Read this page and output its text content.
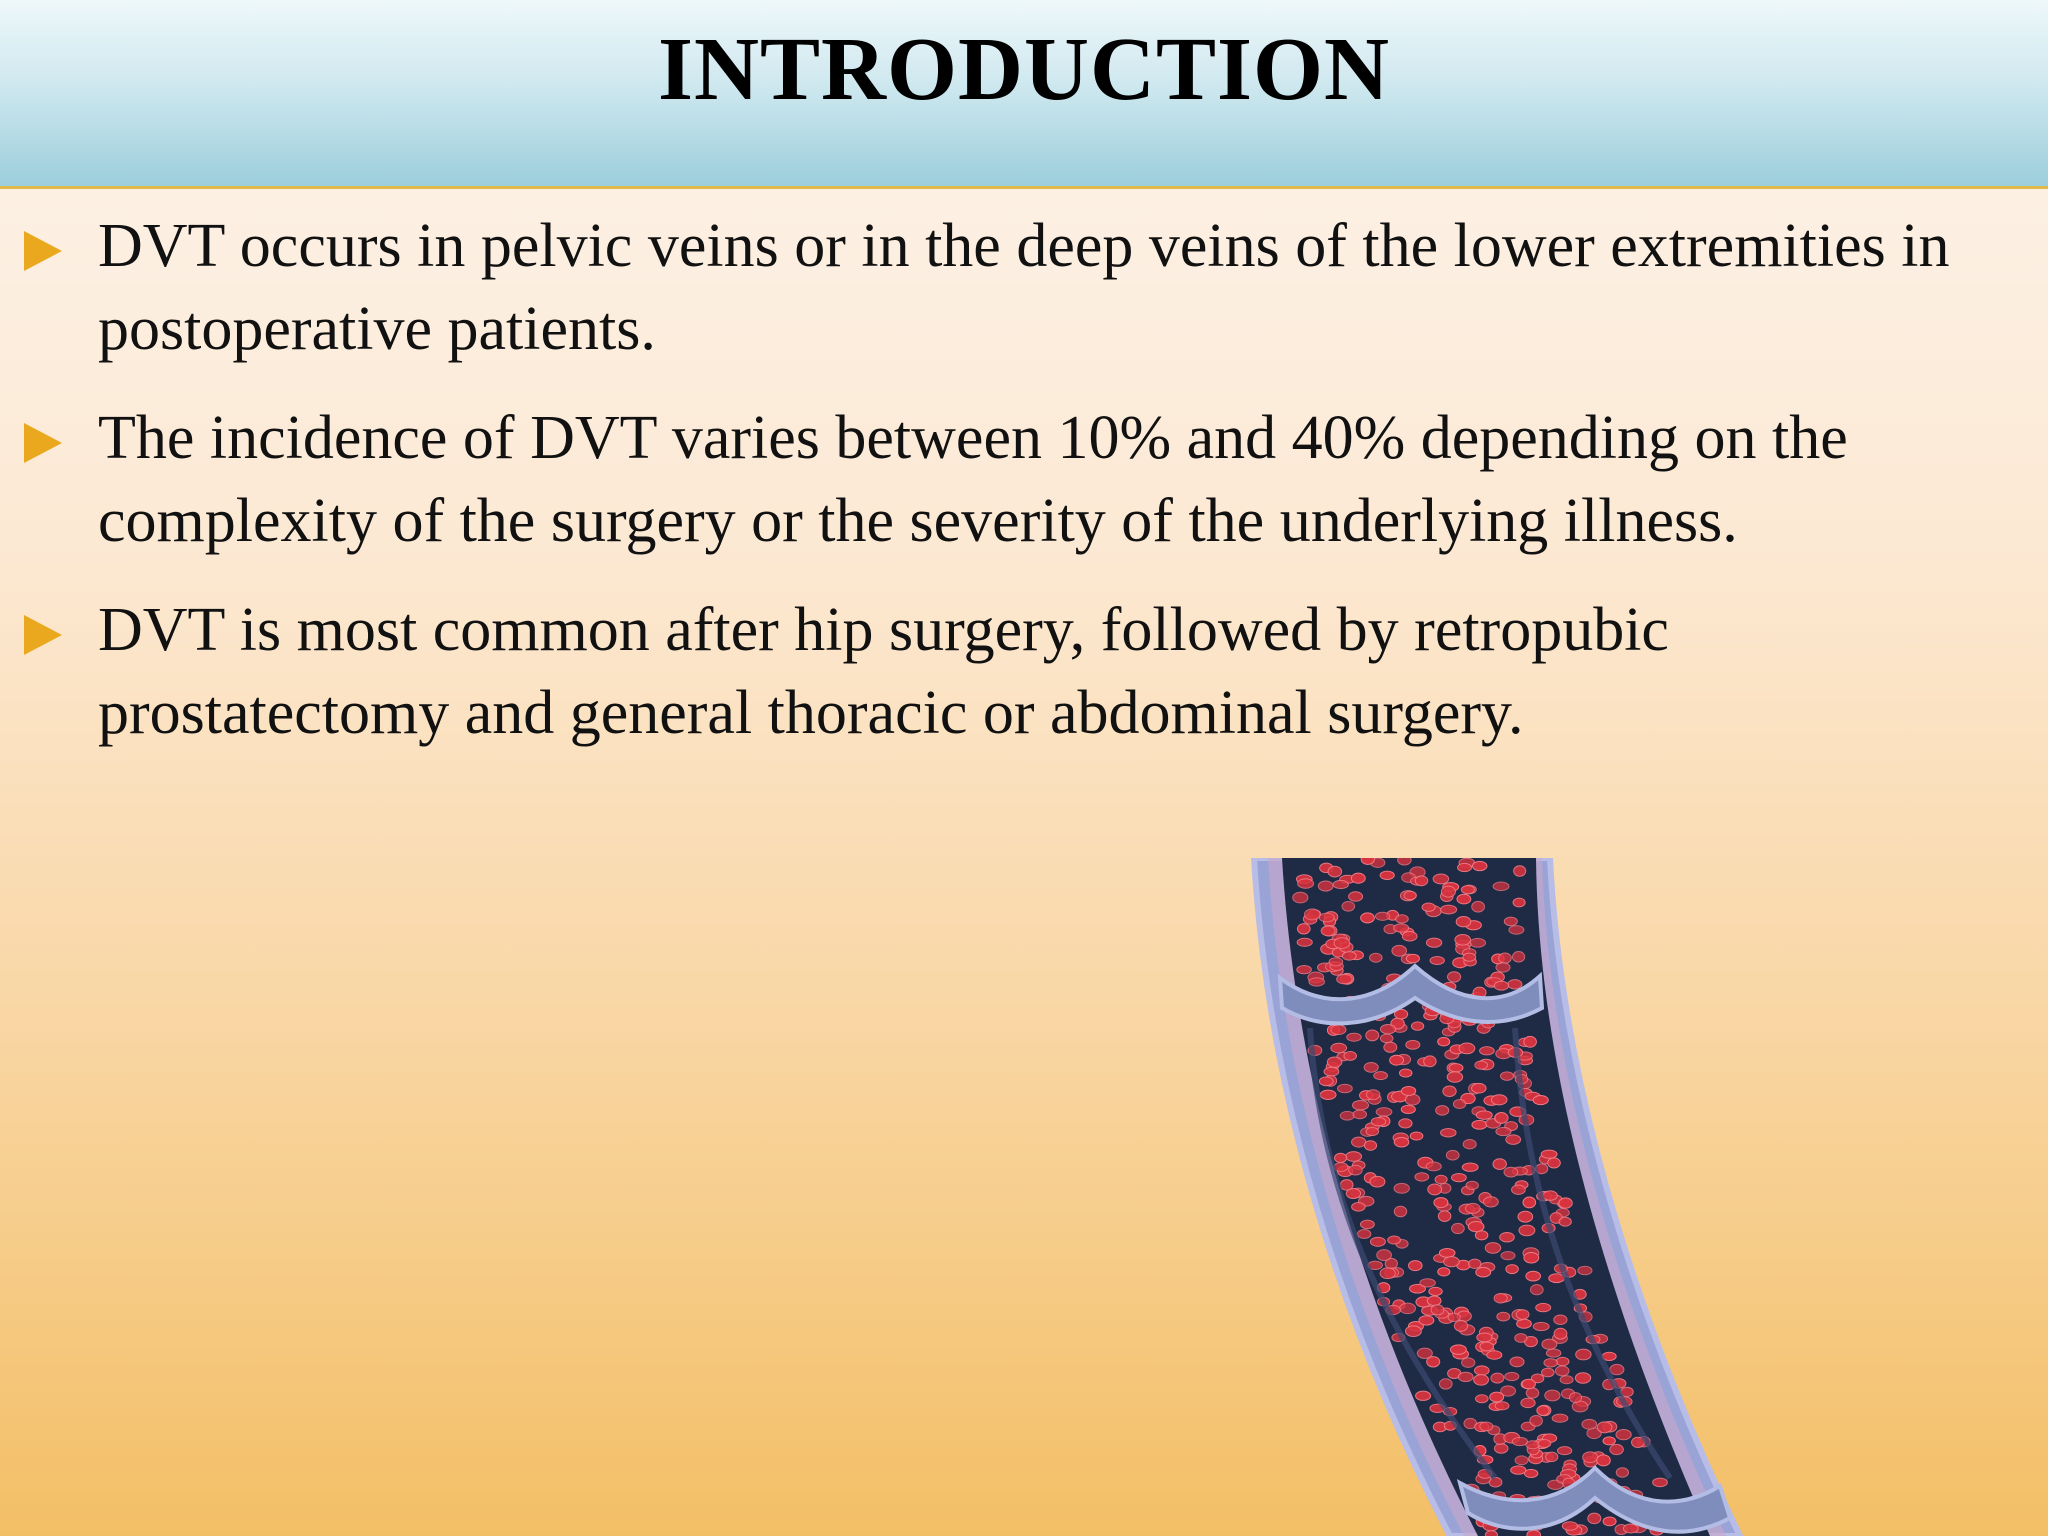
INTRODUCTION
DVT occurs in pelvic veins or in the deep veins of the lower extremities in postoperative patients.
The incidence of DVT varies between 10% and 40% depending on the complexity of the surgery or the severity of the underlying illness.
DVT is most common after hip surgery, followed by retropubic prostatectomy and general thoracic or abdominal surgery.
